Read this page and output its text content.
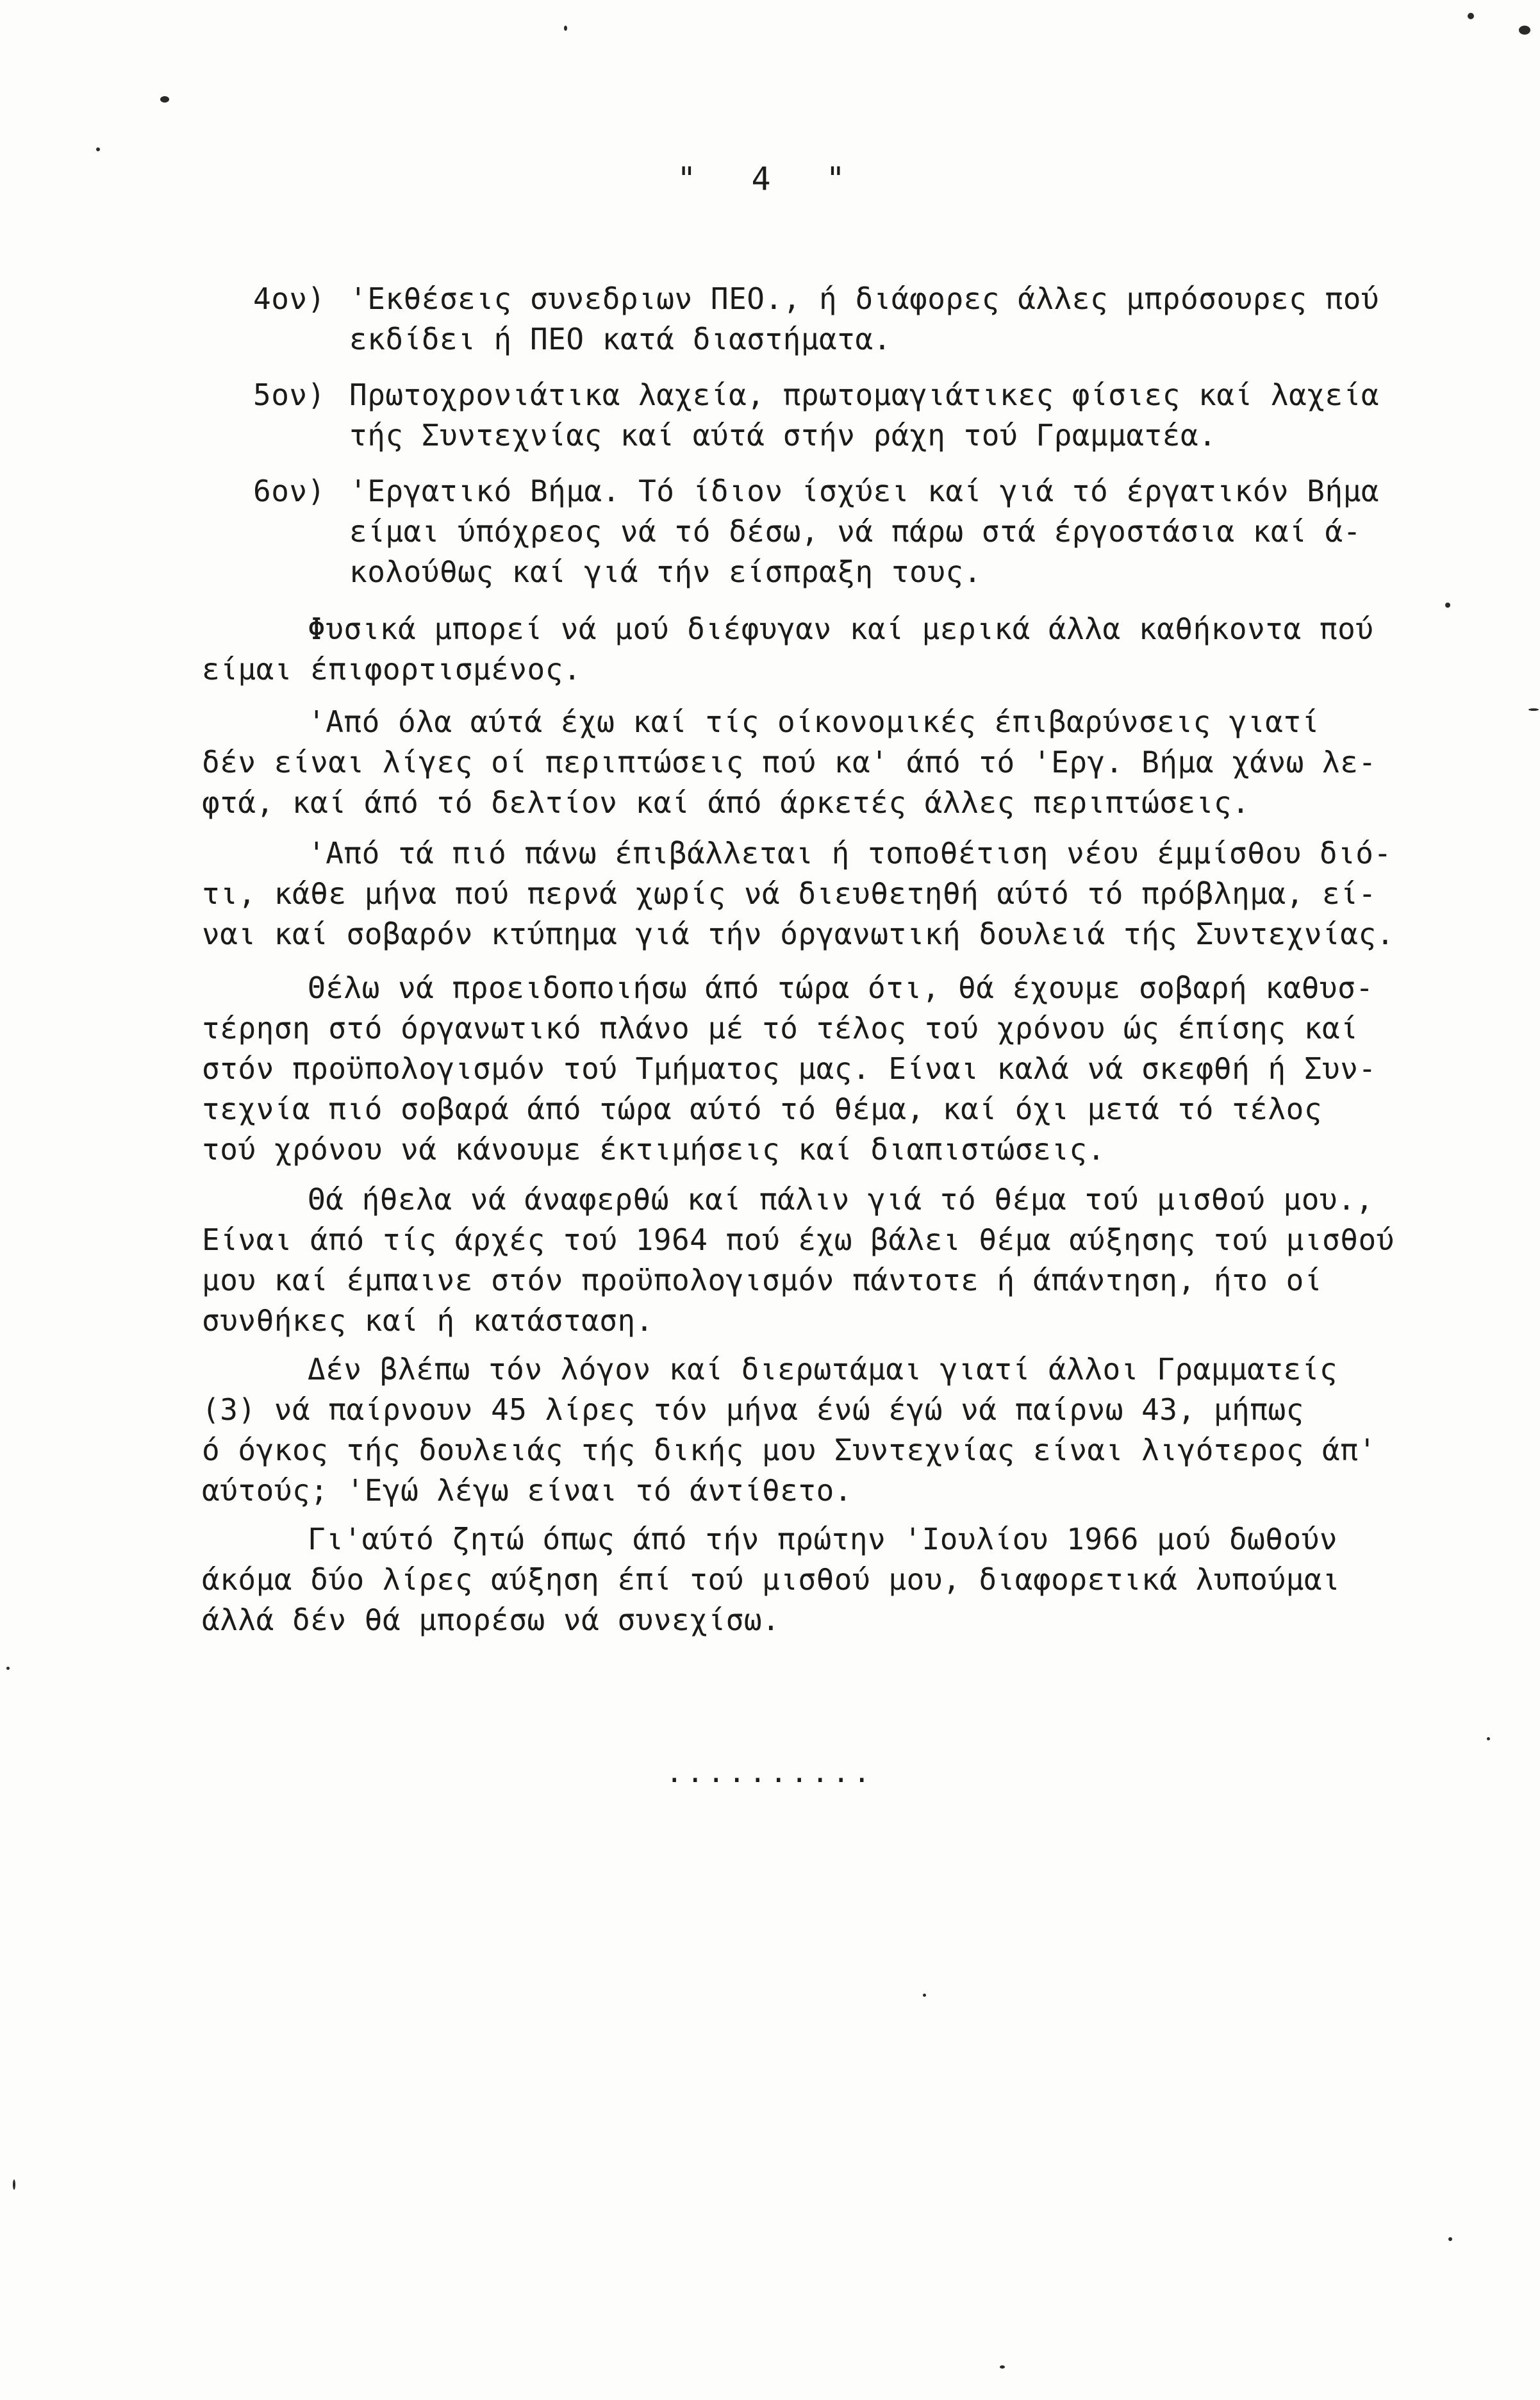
" 4 "
4ον) 'Εκθέσεις συνεδριων ΠΕΟ., ή διάφορες άλλες μπρόσουρες πού
εκδίδει ή ΠΕΟ κατά διαστήματα.
5ον) Πρωτοχρονιάτικα λαχεία, πρωτομαγιάτικες φίσιες καί λαχεία
τής Συντεχνίας καί αύτά στήν ράχη τού Γραμματέα.
6ον) 'Εργατικό Βήμα. Τό ίδιον ίσχύει καί γιά τό έργατικόν Βήμα
είμαι ύπόχρεος νά τό δέσω, νά πάρω στά έργοστάσια καί ά-
κολούθως καί γιά τήν είσπραξη τους.
Φυσικά μπορεί νά μού διέφυγαν καί μερικά άλλα καθήκοντα πού
είμαι έπιφορτισμένος.
'Από όλα αύτά έχω καί τίς οίκονομικές έπιβαρύνσεις γιατί
δέν είναι λίγες οί περιπτώσεις πού κα' άπό τό 'Εργ. Βήμα χάνω λε-
φτά, καί άπό τό δελτίον καί άπό άρκετές άλλες περιπτώσεις.
'Από τά πιό πάνω έπιβάλλεται ή τοποθέτιση νέου έμμίσθου διό-
τι, κάθε μήνα πού περνά χωρίς νά διευθετηθή αύτό τό πρόβλημα, εί-
ναι καί σοβαρόν κτύπημα γιά τήν όργανωτική δουλειά τής Συντεχνίας.
Θέλω νά προειδοποιήσω άπό τώρα ότι, θά έχουμε σοβαρή καθυσ-
τέρηση στό όργανωτικό πλάνο μέ τό τέλος τού χρόνου ώς έπίσης καί
στόν προϋπολογισμόν τού Τμήματος μας. Είναι καλά νά σκεφθή ή Συν-
τεχνία πιό σοβαρά άπό τώρα αύτό τό θέμα, καί όχι μετά τό τέλος
τού χρόνου νά κάνουμε έκτιμήσεις καί διαπιστώσεις.
Θά ήθελα νά άναφερθώ καί πάλιν γιά τό θέμα τού μισθού μου.,
Είναι άπό τίς άρχές τού 1964 πού έχω βάλει θέμα αύξησης τού μισθού
μου καί έμπαινε στόν προϋπολογισμόν πάντοτε ή άπάντηση, ήτο οί
συνθήκες καί ή κατάσταση.
Δέν βλέπω τόν λόγον καί διερωτάμαι γιατί άλλοι Γραμματείς
(3) νά παίρνουν 45 λίρες τόν μήνα ένώ έγώ νά παίρνω 43, μήπως
ό όγκος τής δουλειάς τής δικής μου Συντεχνίας είναι λιγότερος άπ'
αύτούς; 'Εγώ λέγω είναι τό άντίθετο.
Γι'αύτό ζητώ όπως άπό τήν πρώτην 'Ιουλίου 1966 μού δωθούν
άκόμα δύο λίρες αύξηση έπί τού μισθού μου, διαφορετικά λυπούμαι
άλλά δέν θά μπορέσω νά συνεχίσω.
..........
